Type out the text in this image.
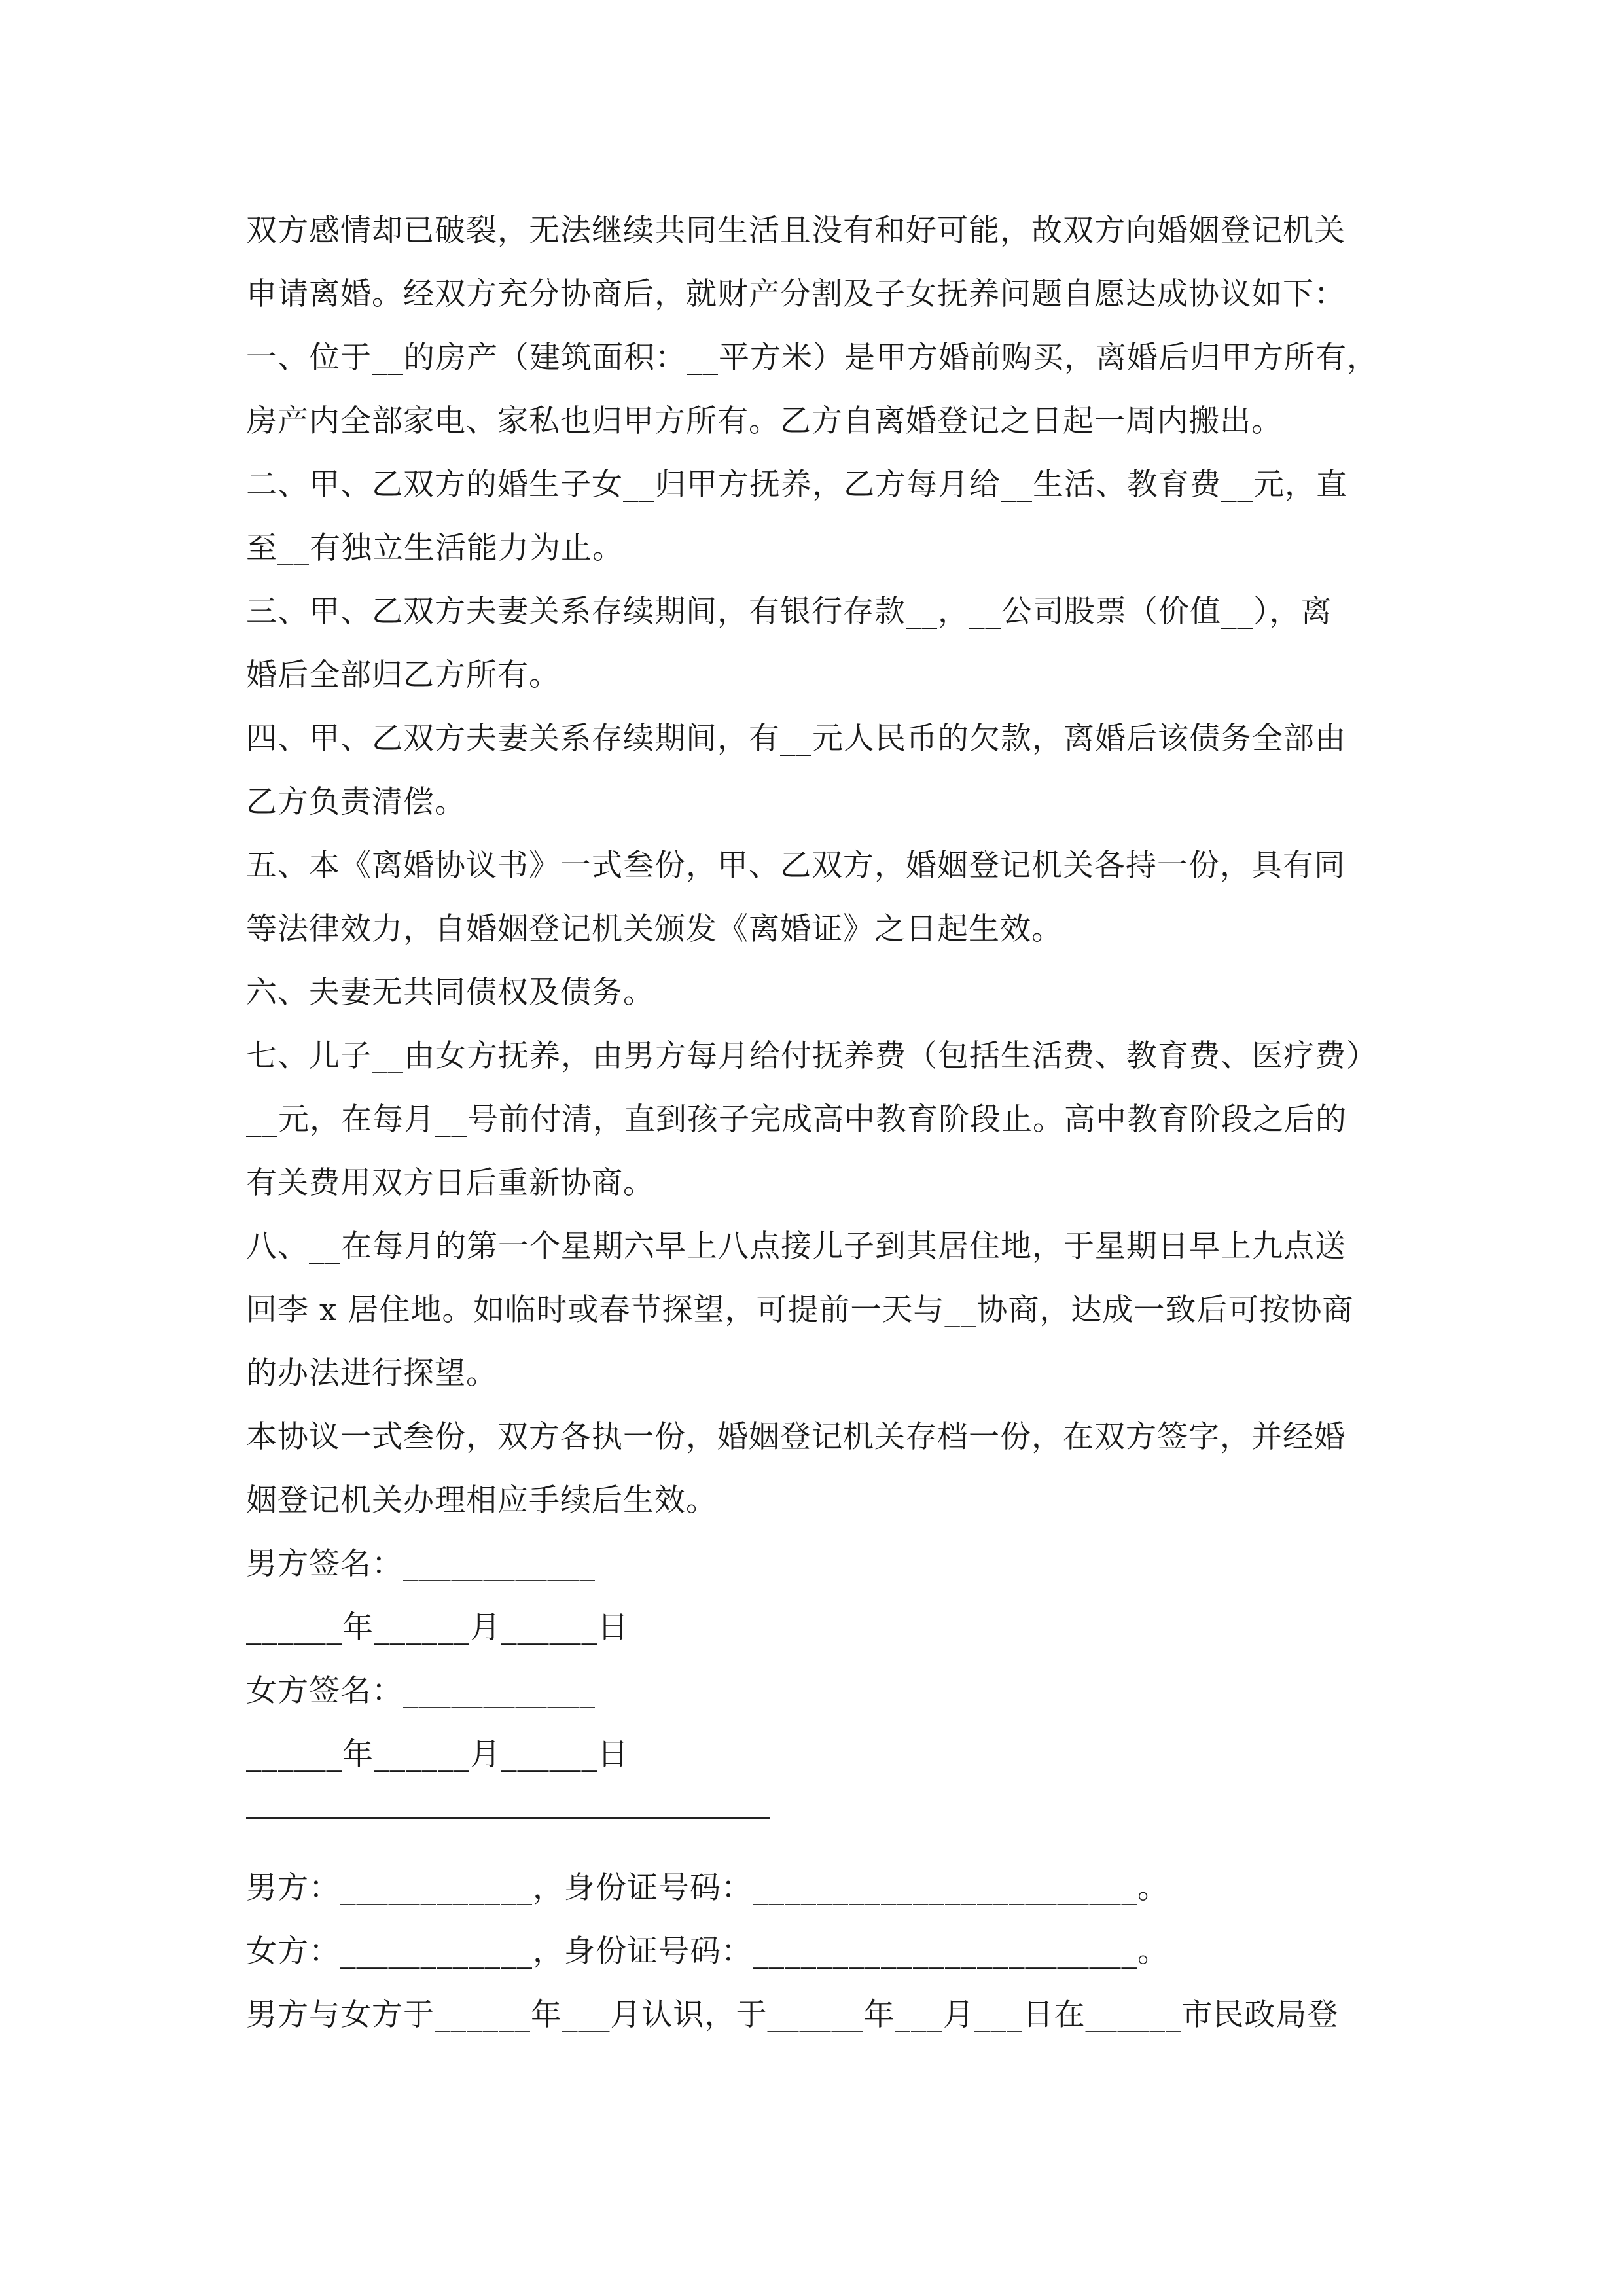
双方感情却已破裂，无法继续共同生活且没有和好可能，故双方向婚姻登记机关
申请离婚。经双方充分协商后，就财产分割及子女抚养问题自愿达成协议如下：
一、位于__的房产（建筑面积：__平方米）是甲方婚前购买，离婚后归甲方所有，
房产内全部家电、家私也归甲方所有。乙方自离婚登记之日起一周内搬出。
二、甲、乙双方的婚生子女__归甲方抚养，乙方每月给__生活、教育费__元，直
至__有独立生活能力为止。
三、甲、乙双方夫妻关系存续期间，有银行存款__，__公司股票（价值__），离
婚后全部归乙方所有。
四、甲、乙双方夫妻关系存续期间，有__元人民币的欠款，离婚后该债务全部由
乙方负责清偿。
五、本《离婚协议书》一式叁份，甲、乙双方，婚姻登记机关各持一份，具有同
等法律效力，自婚姻登记机关颁发《离婚证》之日起生效。
六、夫妻无共同债权及债务。
七、儿子__由女方抚养，由男方每月给付抚养费（包括生活费、教育费、医疗费）
__元，在每月__号前付清，直到孩子完成高中教育阶段止。高中教育阶段之后的
有关费用双方日后重新协商。
八、__在每月的第一个星期六早上八点接儿子到其居住地，于星期日早上九点送
回李 x 居住地。如临时或春节探望，可提前一天与__协商，达成一致后可按协商
的办法进行探望。
本协议一式叁份，双方各执一份，婚姻登记机关存档一份，在双方签字，并经婚
姻登记机关办理相应手续后生效。
男方签名：____________
______年______月______日
女方签名：____________
______年______月______日
男方：____________，身份证号码：________________________。
女方：____________，身份证号码：________________________。
男方与女方于______年___月认识，于______年___月___日在______市民政局登
